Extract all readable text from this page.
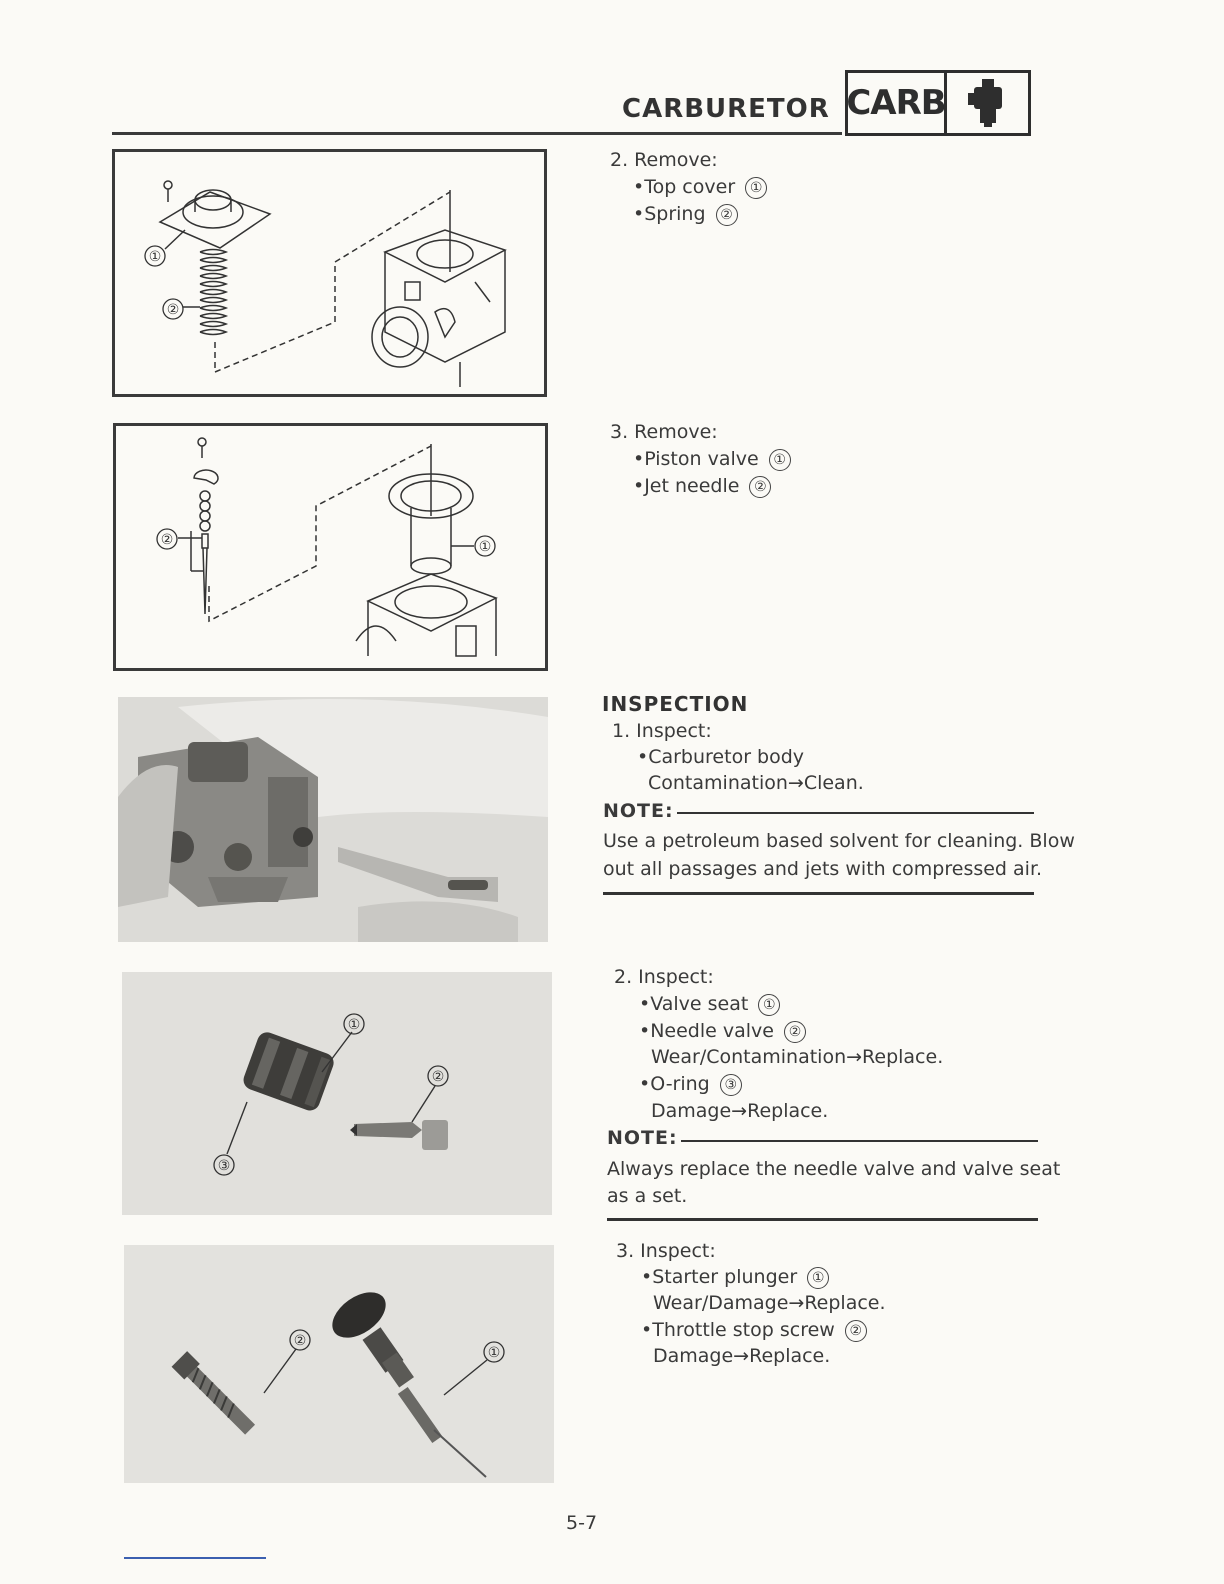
CARBURETOR CARB
①
②
②	①
①
②
③
②
①
2. Remove:
•Top cover ①
•Spring ②
3. Remove:
•Piston valve ①
•Jet needle ②
INSPECTION
1. Inspect:
•Carburetor body
Contamination→Clean.
NOTE:
Use a petroleum based solvent for cleaning. Blow
out all passages and jets with compressed air.
2. Inspect:
•Valve seat ①
•Needle valve ②
Wear/Contamination→Replace.
•O-ring ③
Damage→Replace.
NOTE:
Always replace the needle valve and valve seat
as a set.
3. Inspect:
•Starter plunger ①
Wear/Damage→Replace.
•Throttle stop screw ②
Damage→Replace.
5-7
